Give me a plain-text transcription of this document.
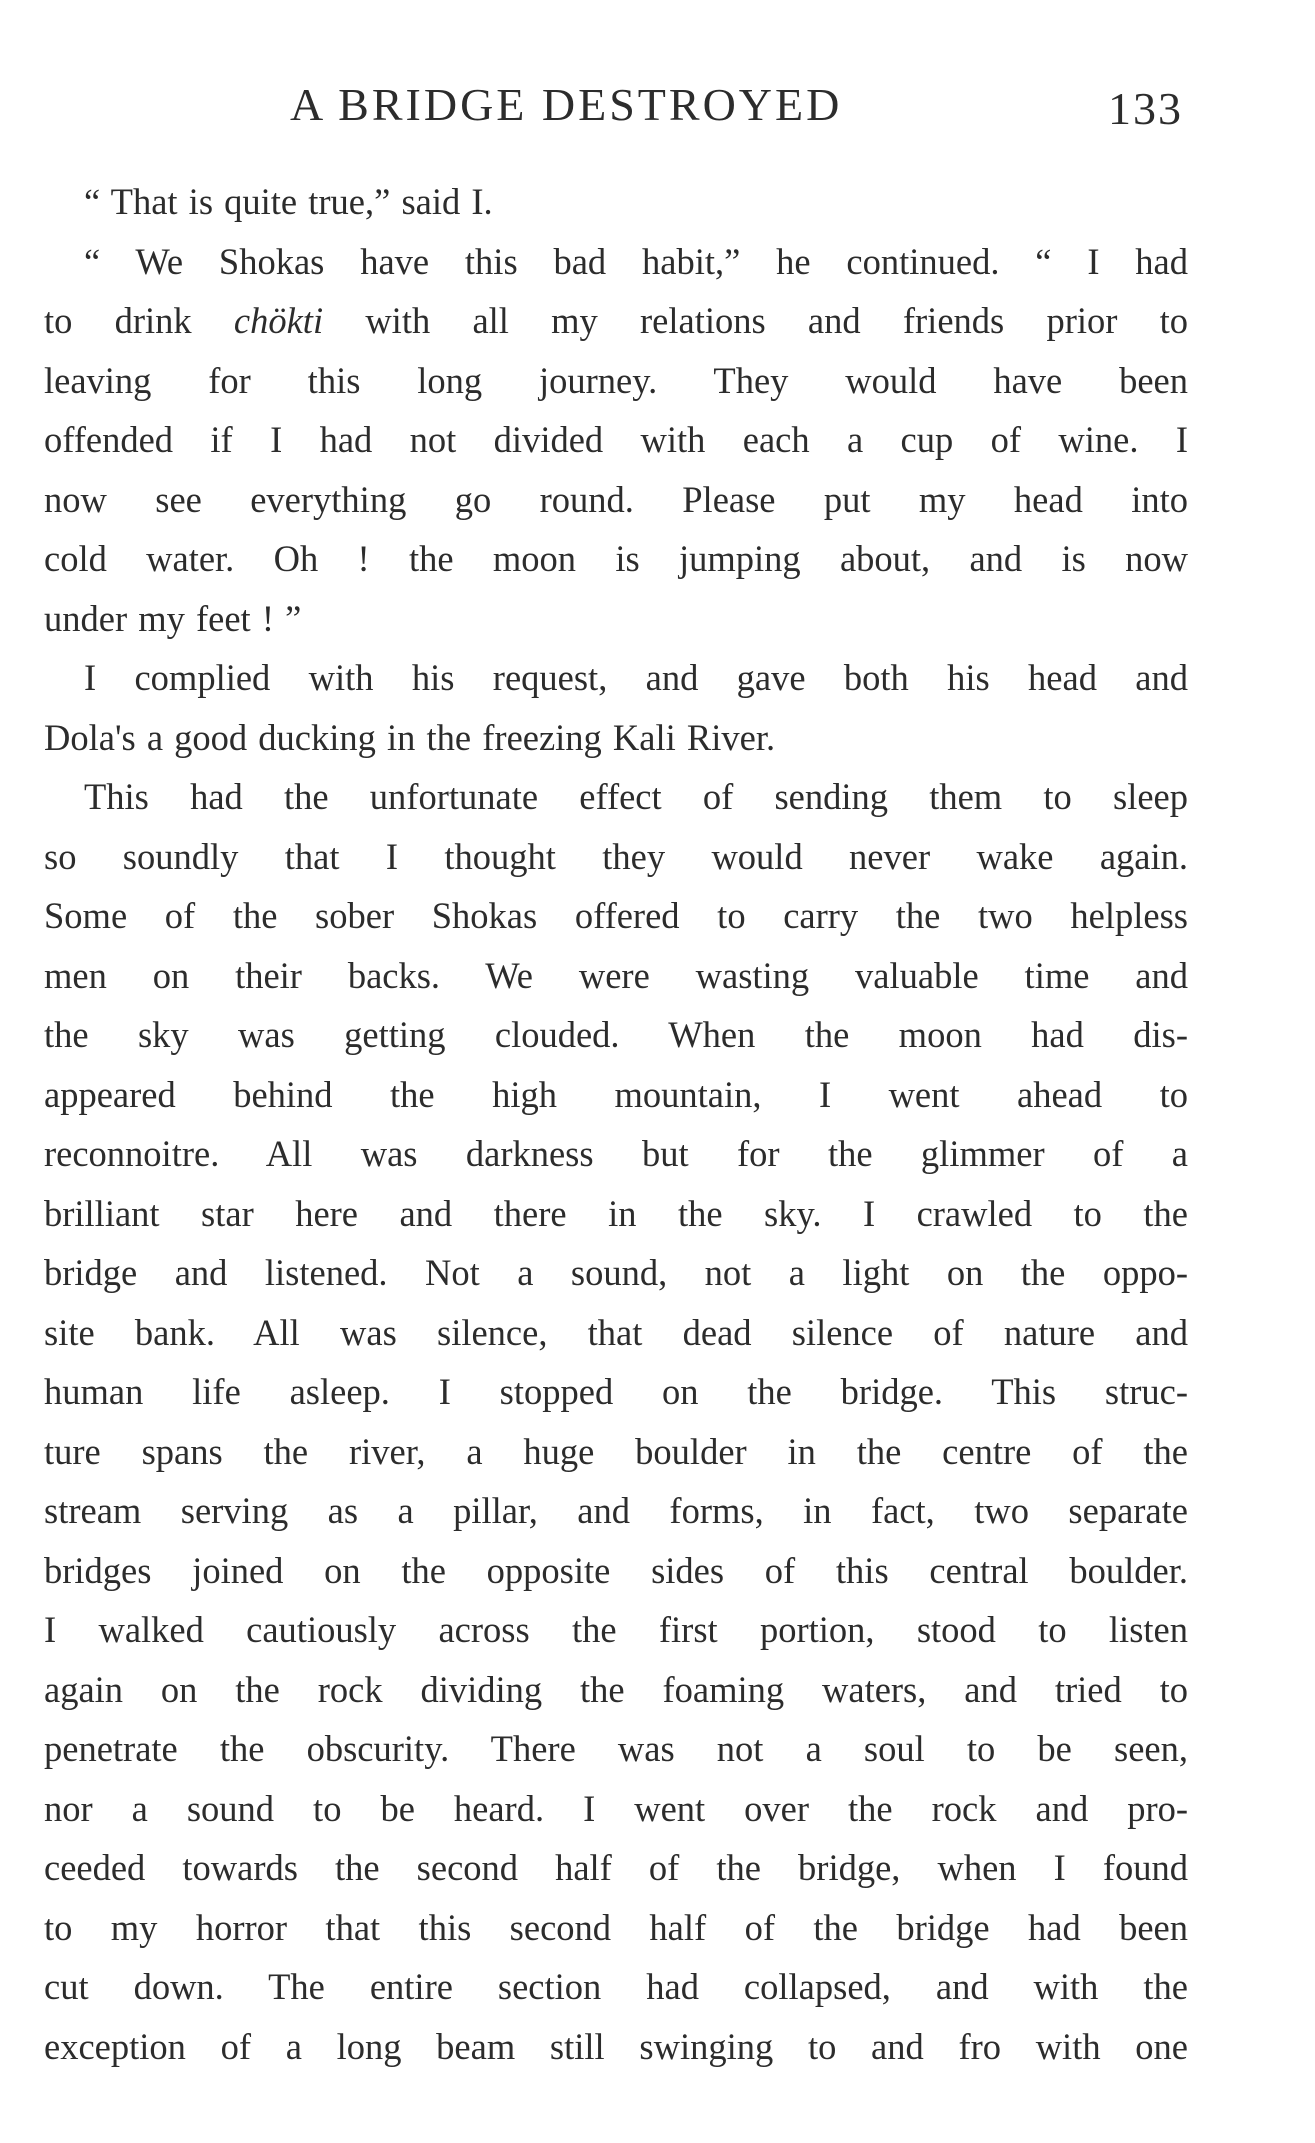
A BRIDGE DESTROYED	133
“ That is quite true,” said I.
“ We Shokas have this bad habit,” he continued. “ I had
to drink chökti with all my relations and friends prior to
leaving for this long journey. They would have been
offended if I had not divided with each a cup of wine. I
now see everything go round. Please put my head into
cold water. Oh ! the moon is jumping about, and is now
under my feet ! ”
I complied with his request, and gave both his head and
Dola's a good ducking in the freezing Kali River.
This had the unfortunate effect of sending them to sleep
so soundly that I thought they would never wake again.
Some of the sober Shokas offered to carry the two helpless
men on their backs. We were wasting valuable time and
the sky was getting clouded. When the moon had dis-
appeared behind the high mountain, I went ahead to
reconnoitre. All was darkness but for the glimmer of a
brilliant star here and there in the sky. I crawled to the
bridge and listened. Not a sound, not a light on the oppo-
site bank. All was silence, that dead silence of nature and
human life asleep. I stopped on the bridge. This struc-
ture spans the river, a huge boulder in the centre of the
stream serving as a pillar, and forms, in fact, two separate
bridges joined on the opposite sides of this central boulder.
I walked cautiously across the first portion, stood to listen
again on the rock dividing the foaming waters, and tried to
penetrate the obscurity. There was not a soul to be seen,
nor a sound to be heard. I went over the rock and pro-
ceeded towards the second half of the bridge, when I found
to my horror that this second half of the bridge had been
cut down. The entire section had collapsed, and with the
exception of a long beam still swinging to and fro with one
